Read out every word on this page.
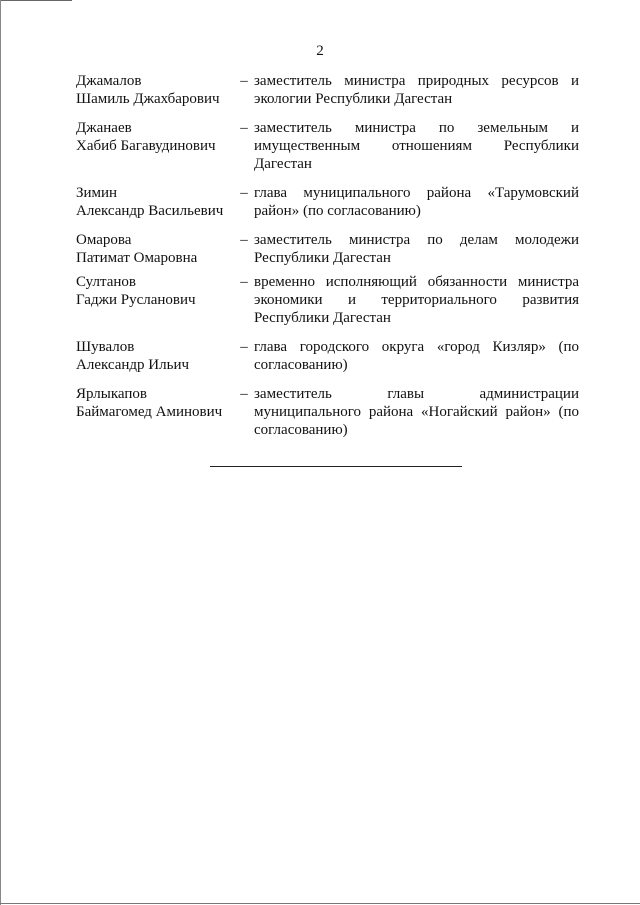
2
Джамалов
Шамиль Джахбарович
– заместитель министра природных ресурсов и экологии Республики Дагестан
Джанаев
Хабиб Багавудинович
– заместитель министра по земельным и имущественным отношениям Республики Дагестан
Зимин
Александр Васильевич
– глава муниципального района «Тарумовский район» (по согласованию)
Омарова
Патимат Омаровна
– заместитель министра по делам молодежи Республики Дагестан
Султанов
Гаджи Русланович
– временно исполняющий обязанности министра экономики и территориального развития Республики Дагестан
Шувалов
Александр Ильич
– глава городского округа «город Кизляр» (по согласованию)
Ярлыкапов
Баймагомед Аминович
– заместитель главы администрации муниципального района «Ногайский район» (по согласованию)
